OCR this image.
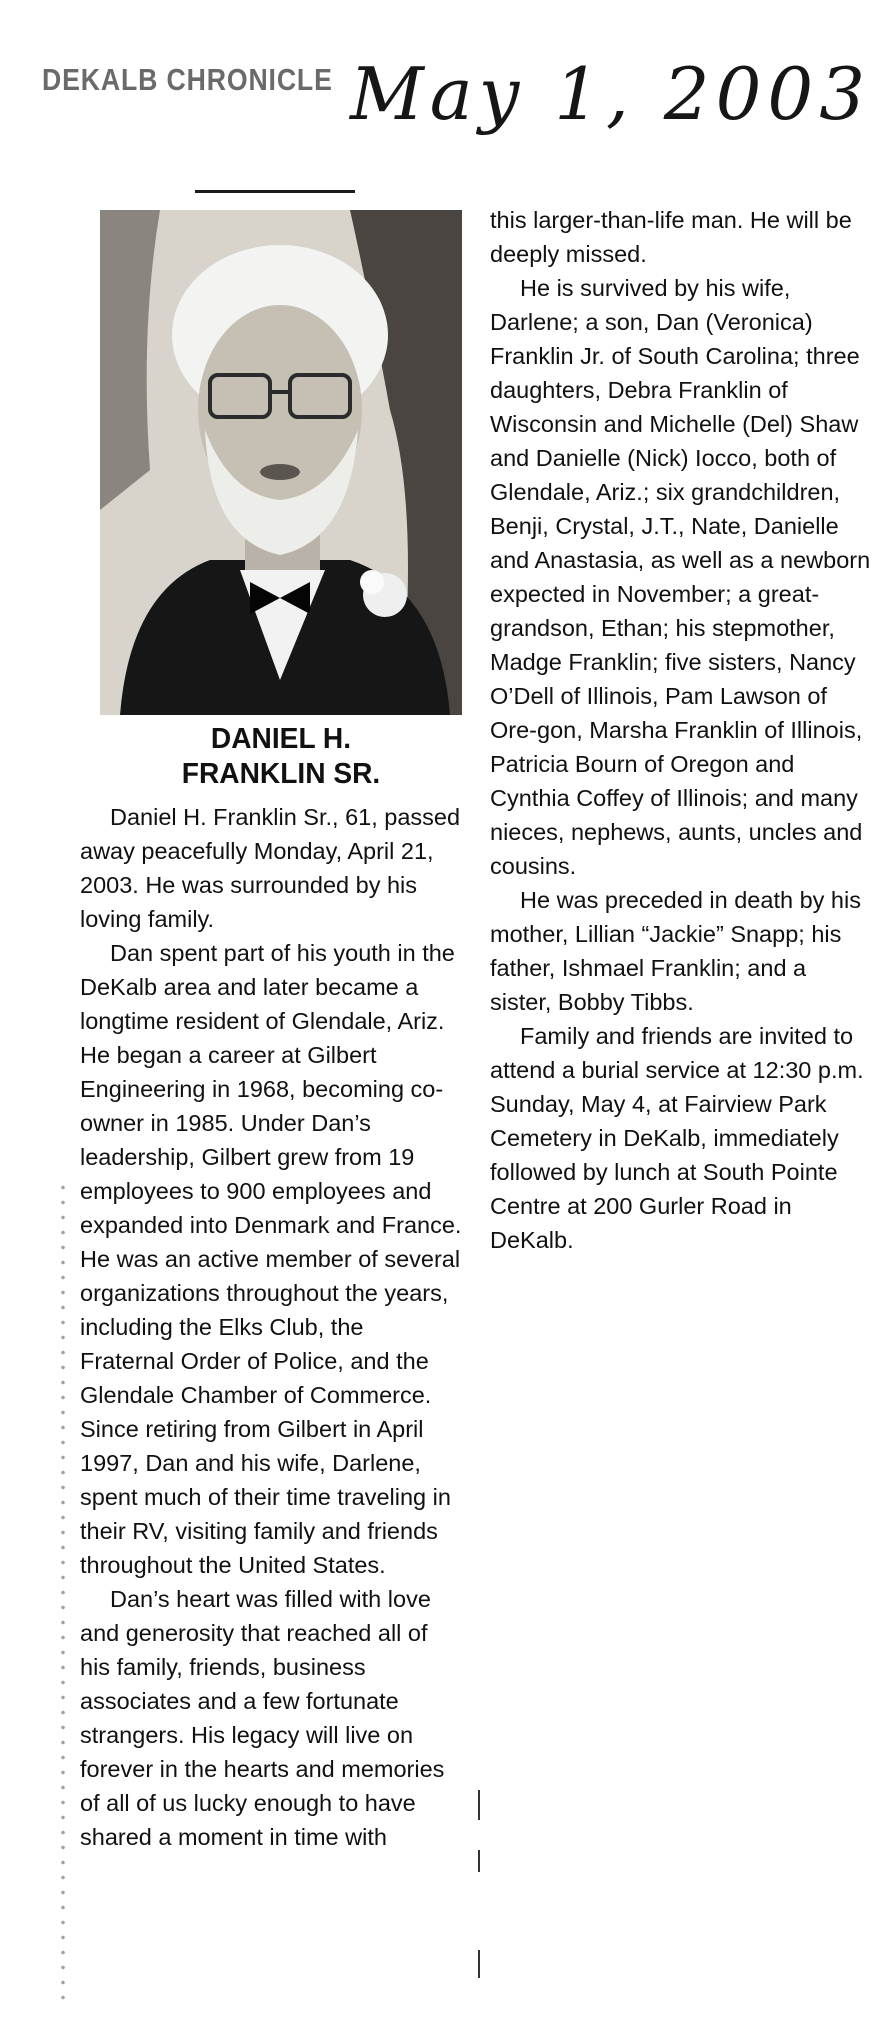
DEKALB CHRONICLE May 1, 2003
DANIEL H.
FRANKLIN SR.

Daniel H. Franklin Sr., 61, passed away peacefully Monday, April 21, 2003. He was surrounded by his loving family.

Dan spent part of his youth in the DeKalb area and later became a longtime resident of Glendale, Ariz. He began a career at Gilbert Engineering in 1968, becoming co-owner in 1985. Under Dan’s leadership, Gilbert grew from 19 employees to 900 employees and expanded into Denmark and France. He was an active member of several organizations throughout the years, including the Elks Club, the Fraternal Order of Police, and the Glendale Chamber of Commerce. Since retiring from Gilbert in April 1997, Dan and his wife, Darlene, spent much of their time traveling in their RV, visiting family and friends throughout the United States.

Dan’s heart was filled with love and generosity that reached all of his family, friends, business associates and a few fortunate strangers. His legacy will live on forever in the hearts and memories of all of us lucky enough to have shared a moment in time with

this larger-than-life man. He will be deeply missed.

He is survived by his wife, Darlene; a son, Dan (Veronica) Franklin Jr. of South Carolina; three daughters, Debra Franklin of Wisconsin and Michelle (Del) Shaw and Danielle (Nick) Iocco, both of Glendale, Ariz.; six grandchildren, Benji, Crystal, J.T., Nate, Danielle and Anastasia, as well as a newborn expected in November; a great-grandson, Ethan; his stepmother, Madge Franklin; five sisters, Nancy O’Dell of Illinois, Pam Lawson of Ore-gon, Marsha Franklin of Illinois, Patricia Bourn of Oregon and Cynthia Coffey of Illinois; and many nieces, nephews, aunts, uncles and cousins.

He was preceded in death by his mother, Lillian “Jackie” Snapp; his father, Ishmael Franklin; and a sister, Bobby Tibbs.

Family and friends are invited to attend a burial service at 12:30 p.m. Sunday, May 4, at Fairview Park Cemetery in DeKalb, immediately followed by lunch at South Pointe Centre at 200 Gurler Road in DeKalb.
